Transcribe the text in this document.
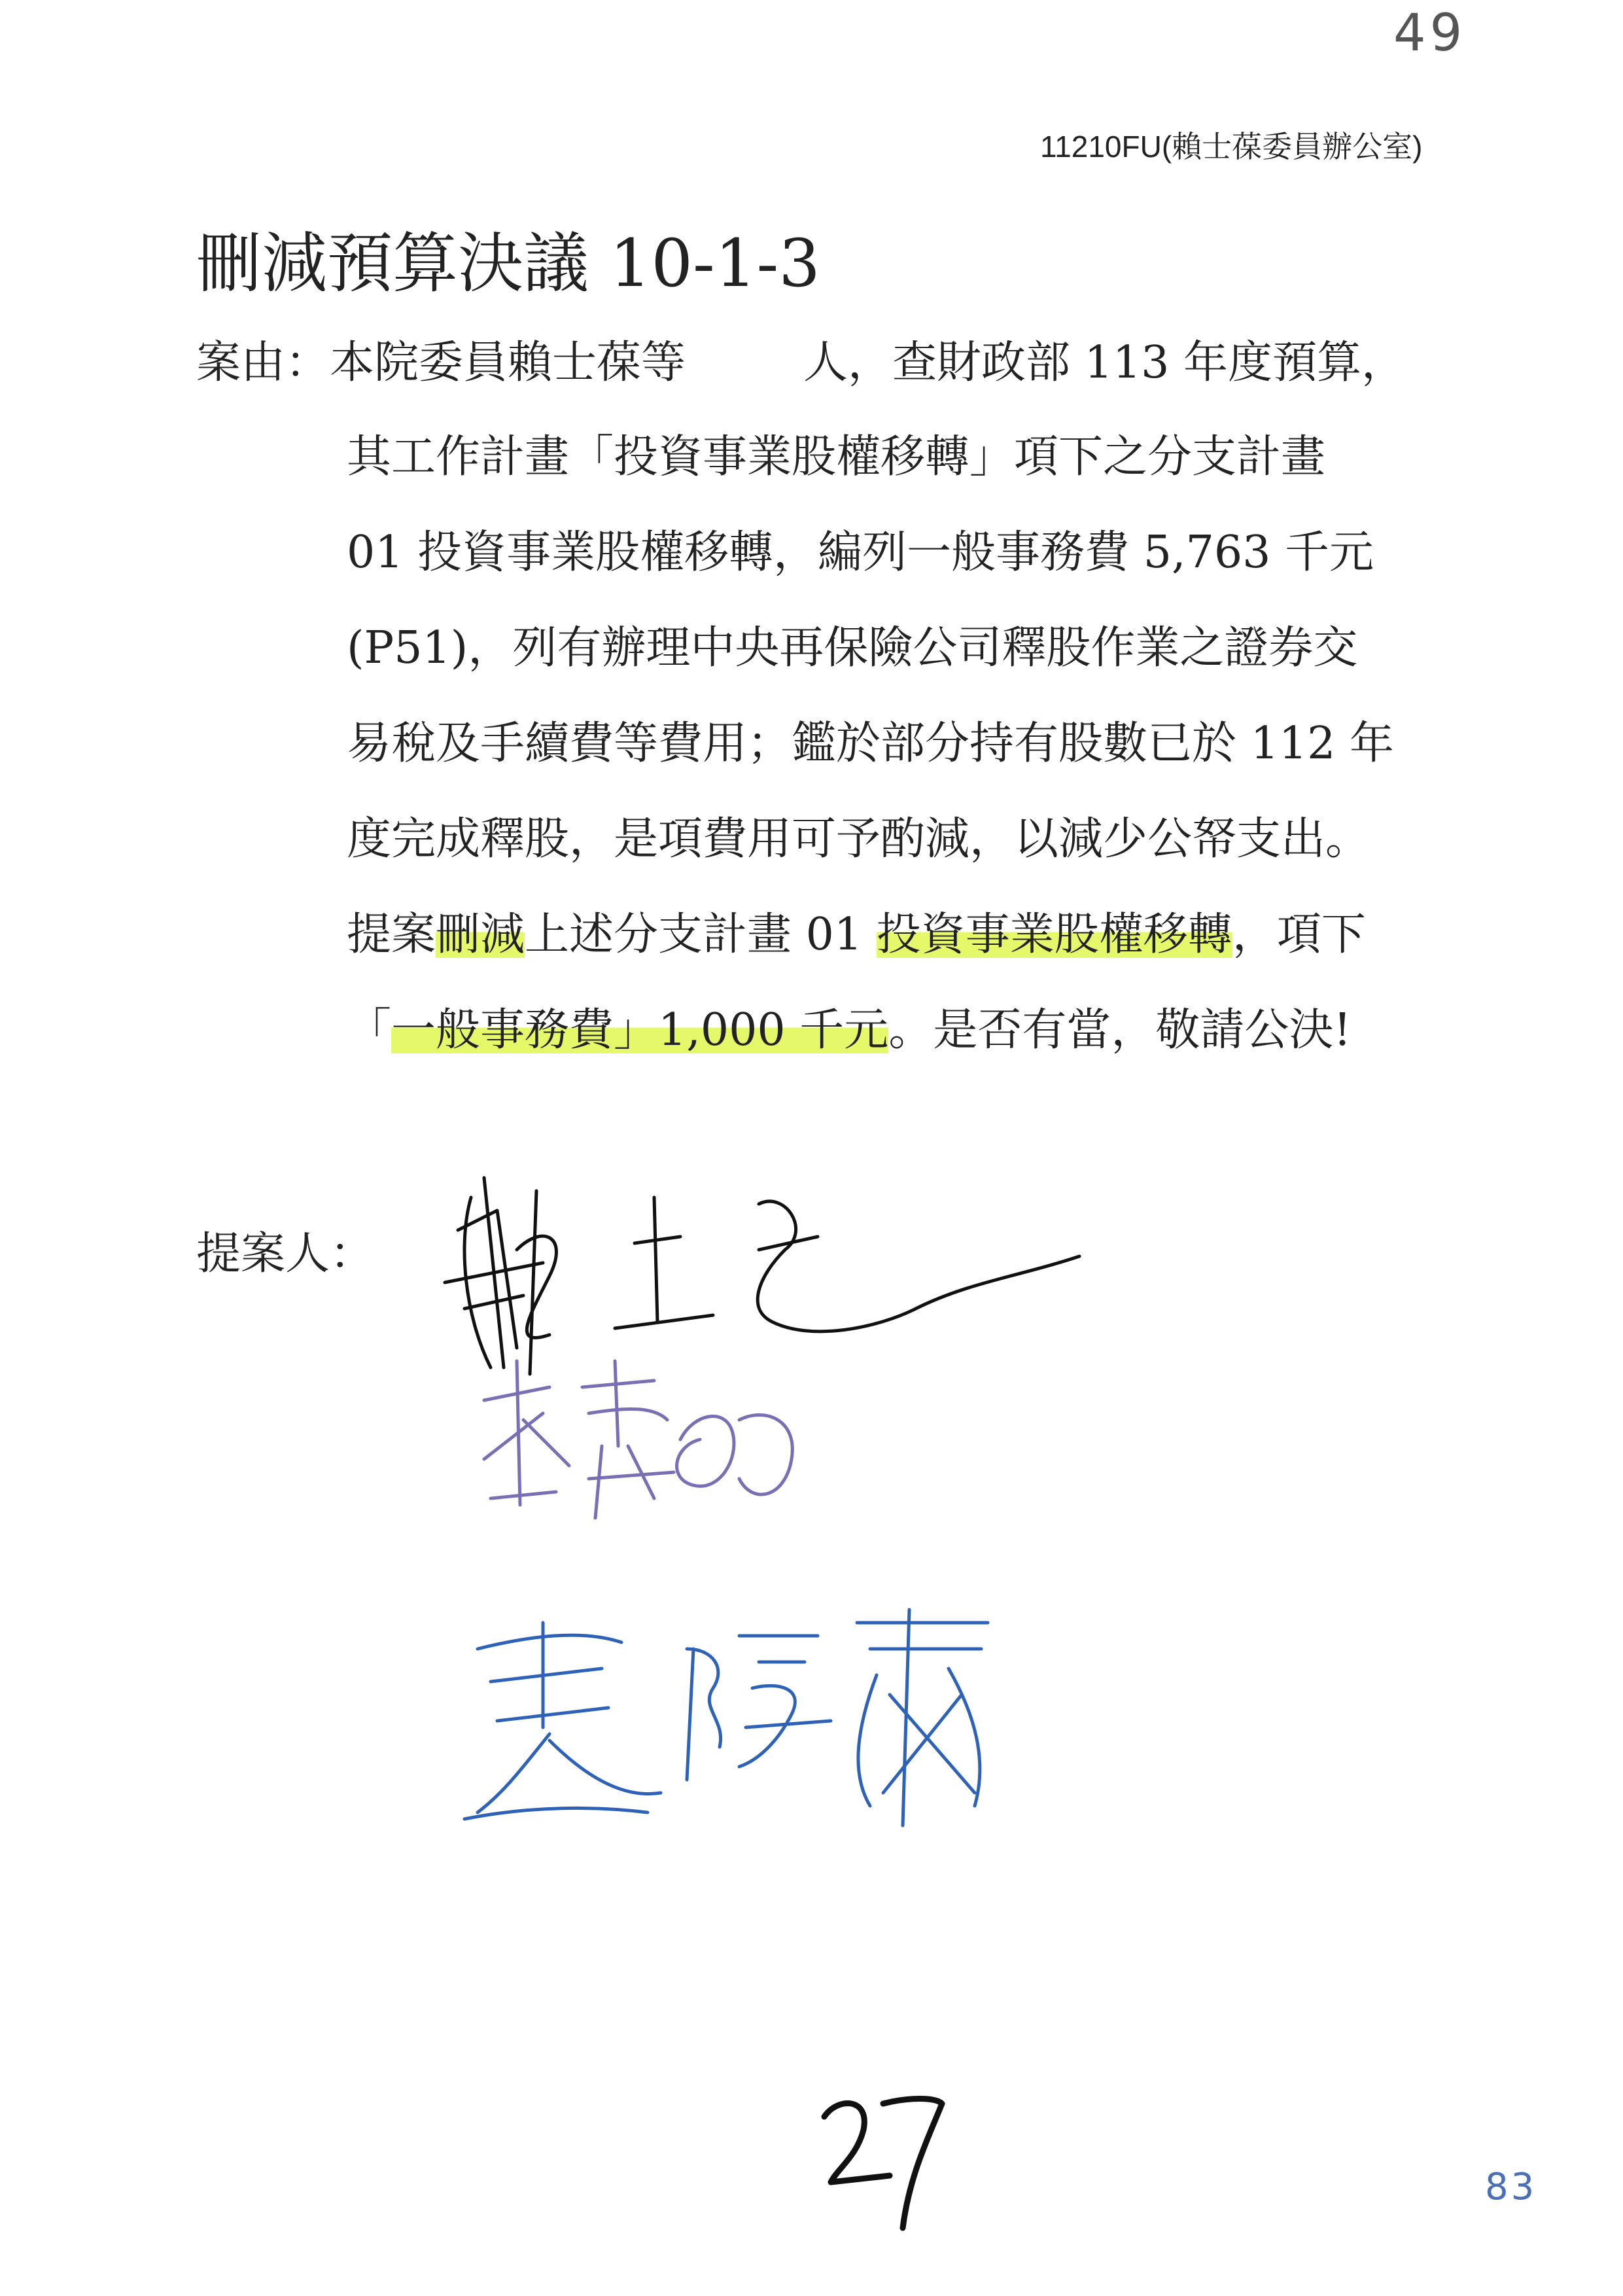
49
11210FU(賴士葆委員辦公室)
刪減預算決議 10-1-3
案由：本院委員賴士葆等	人，查財政部 113 年度預算，
其工作計畫「投資事業股權移轉」項下之分支計畫
01 投資事業股權移轉，編列一般事務費 5,763 千元
(P51)，列有辦理中央再保險公司釋股作業之證券交
易稅及手續費等費用；鑑於部分持有股數已於 112 年
度完成釋股，是項費用可予酌減，以減少公帑支出。
提案刪減上述分支計畫 01 投資事業股權移轉，項下
「一般事務費」1,000 千元。是否有當，敬請公決!
提案人：
83
